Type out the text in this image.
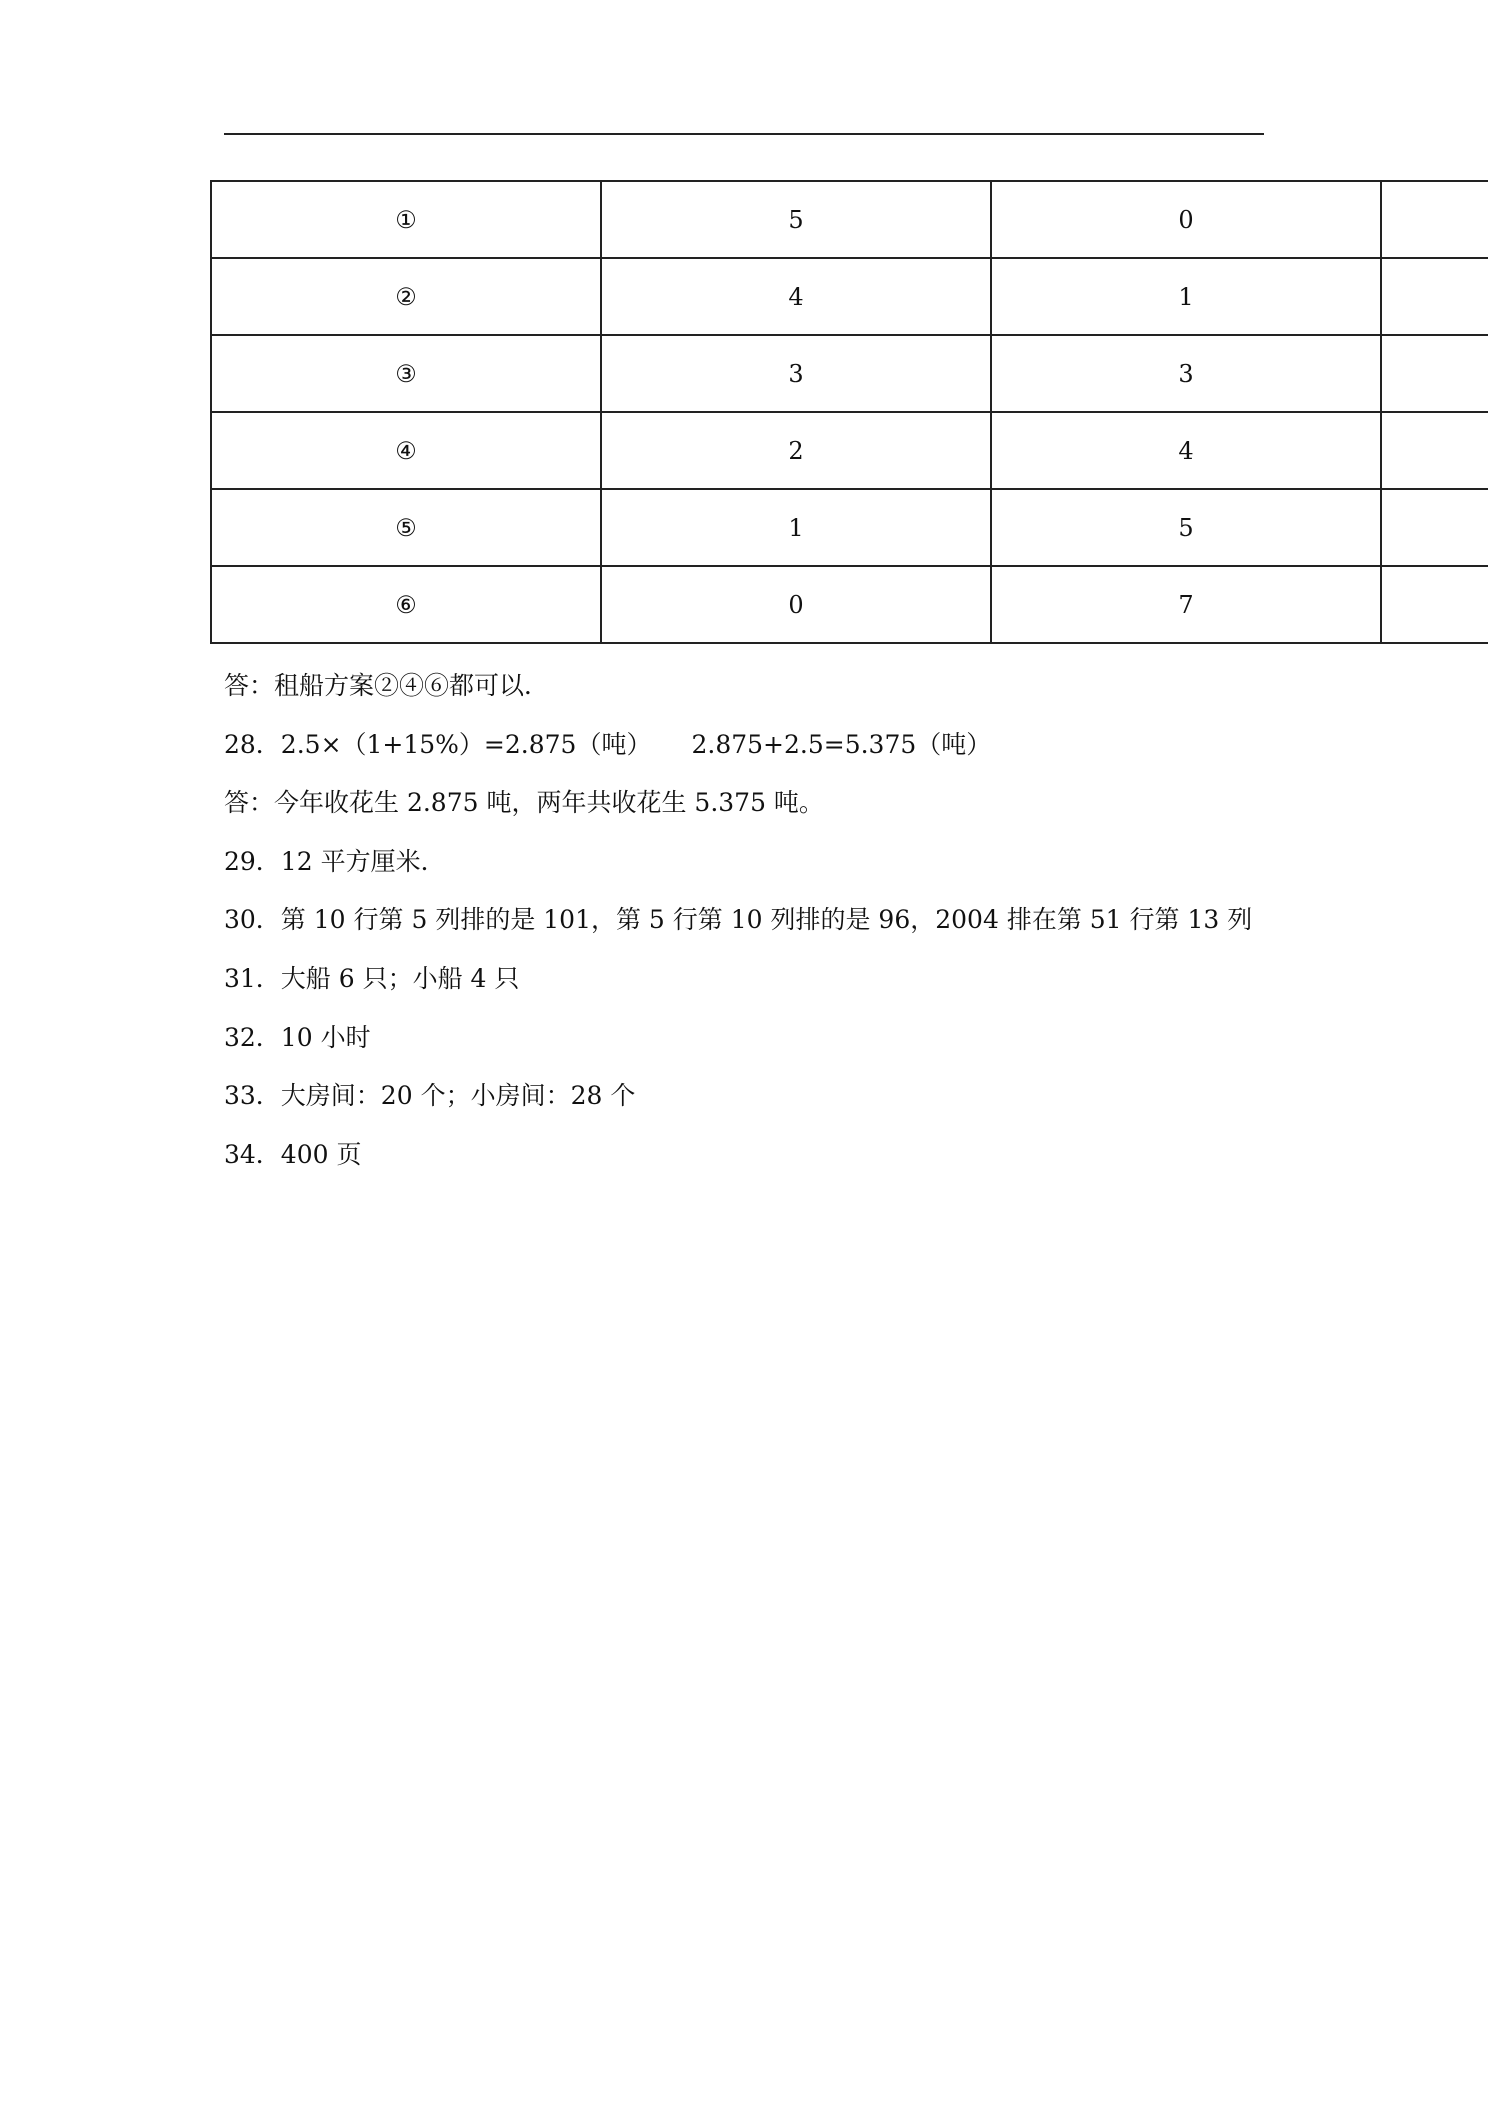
①	5	0	
②	4	1	
③	3	3	
④	2	4	
⑤	1	5	
⑥	0	7	
答：租船方案②④⑥都可以．
28．2.5×（1+15%）=2.875（吨） 2.875+2.5=5.375（吨）
答：今年收花生 2.875 吨，两年共收花生 5.375 吨。
29．12 平方厘米．
30．第 10 行第 5 列排的是 101，第 5 行第 10 列排的是 96，2004 排在第 51 行第 13 列
31．大船 6 只；小船 4 只
32．10 小时
33．大房间：20 个；小房间：28 个
34．400 页
